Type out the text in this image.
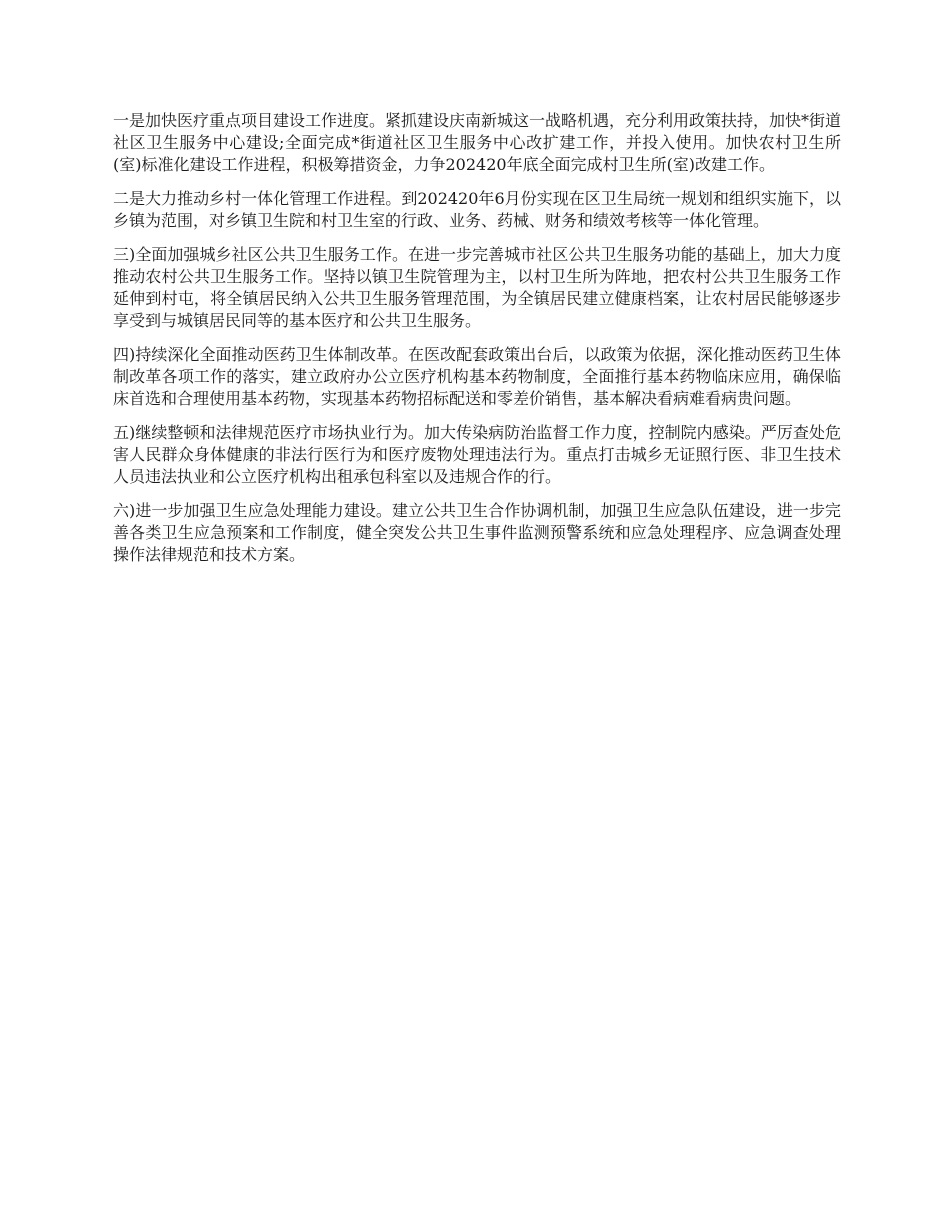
一是加快医疗重点项目建设工作进度。紧抓建设庆南新城这一战略机遇，充分利用政策扶持，加快*街道社区卫生服务中心建设;全面完成*街道社区卫生服务中心改扩建工作，并投入使用。加快农村卫生所(室)标准化建设工作进程，积极筹措资金，力争202420年底全面完成村卫生所(室)改建工作。

二是大力推动乡村一体化管理工作进程。到202420年6月份实现在区卫生局统一规划和组织实施下，以乡镇为范围，对乡镇卫生院和村卫生室的行政、业务、药械、财务和绩效考核等一体化管理。

三)全面加强城乡社区公共卫生服务工作。在进一步完善城市社区公共卫生服务功能的基础上，加大力度推动农村公共卫生服务工作。坚持以镇卫生院管理为主，以村卫生所为阵地，把农村公共卫生服务工作延伸到村屯，将全镇居民纳入公共卫生服务管理范围，为全镇居民建立健康档案，让农村居民能够逐步享受到与城镇居民同等的基本医疗和公共卫生服务。

四)持续深化全面推动医药卫生体制改革。在医改配套政策出台后，以政策为依据，深化推动医药卫生体制改革各项工作的落实，建立政府办公立医疗机构基本药物制度，全面推行基本药物临床应用，确保临床首选和合理使用基本药物，实现基本药物招标配送和零差价销售，基本解决看病难看病贵问题。

五)继续整顿和法律规范医疗市场执业行为。加大传染病防治监督工作力度，控制院内感染。严厉查处危害人民群众身体健康的非法行医行为和医疗废物处理违法行为。重点打击城乡无证照行医、非卫生技术人员违法执业和公立医疗机构出租承包科室以及违规合作的行。

六)进一步加强卫生应急处理能力建设。建立公共卫生合作协调机制，加强卫生应急队伍建设，进一步完善各类卫生应急预案和工作制度，健全突发公共卫生事件监测预警系统和应急处理程序、应急调查处理操作法律规范和技术方案。
